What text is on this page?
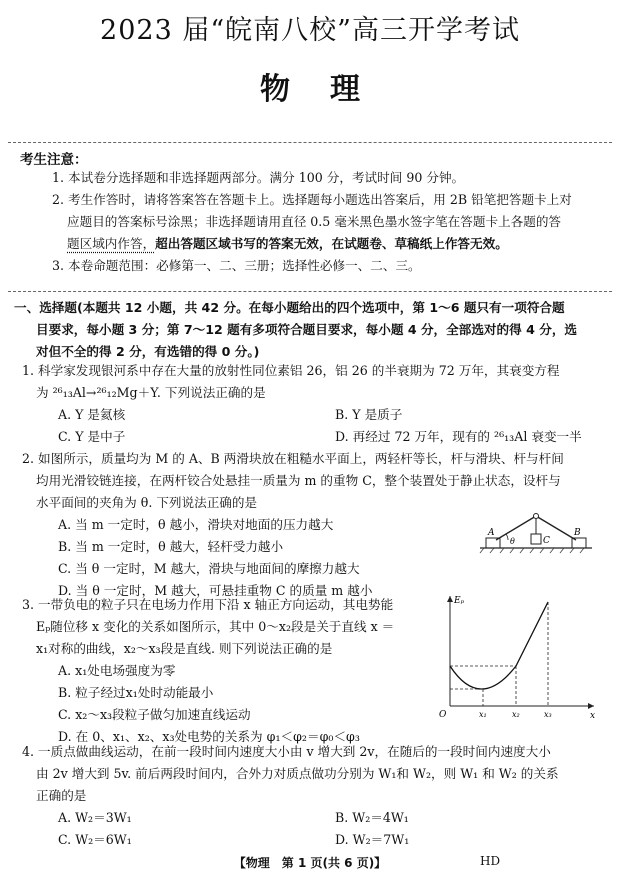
2023 届“皖南八校”高三开学考试
物理
考生注意：
1. 本试卷分选择题和非选择题两部分。满分 100 分，考试时间 90 分钟。
2. 考生作答时，请将答案答在答题卡上。选择题每小题选出答案后，用 2B 铅笔把答题卡上对
应题目的答案标号涂黑；非选择题请用直径 0.5 毫米黑色墨水签字笔在答题卡上各题的答
题区域内作答，超出答题区域书写的答案无效，在试题卷、草稿纸上作答无效。
3. 本卷命题范围：必修第一、二、三册；选择性必修一、二、三。
一、选择题(本题共 12 小题，共 42 分。在每小题给出的四个选项中，第 1～6 题只有一项符合题
目要求，每小题 3 分；第 7～12 题有多项符合题目要求，每小题 4 分，全部选对的得 4 分，选
对但不全的得 2 分，有选错的得 0 分。)
1. 科学家发现银河系中存在大量的放射性同位素铝 26，铝 26 的半衰期为 72 万年，其衰变方程
为 ²⁶₁₃Al→²⁶₁₂Mg＋Y. 下列说法正确的是
A. Y 是氦核	B. Y 是质子
C. Y 是中子	D. 再经过 72 万年，现有的 ²⁶₁₃Al 衰变一半
2. 如图所示，质量均为 M 的 A、B 两滑块放在粗糙水平面上，两轻杆等长，杆与滑块、杆与杆间
均用光滑铰链连接，在两杆铰合处悬挂一质量为 m 的重物 C，整个装置处于静止状态，设杆与
水平面间的夹角为 θ. 下列说法正确的是
A. 当 m 一定时，θ 越小，滑块对地面的压力越大
B. 当 m 一定时，θ 越大，轻杆受力越小
C. 当 θ 一定时，M 越大，滑块与地面间的摩擦力越大
D. 当 θ 一定时，M 越大，可悬挂重物 C 的质量 m 越小
A	B
C
θ
3. 一带负电的粒子只在电场力作用下沿 x 轴正方向运动，其电势能
Eₚ随位移 x 变化的关系如图所示，其中 0～x₂段是关于直线 x ＝
x₁对称的曲线，x₂～x₃段是直线. 则下列说法正确的是
A. x₁处电场强度为零
B. 粒子经过x₁处时动能最小
C. x₂～x₃段粒子做匀加速直线运动
D. 在 0、x₁、x₂、x₃处电势的关系为 φ₁＜φ₂＝φ₀＜φ₃
Eₚ
x
O	x₁	x₂	x₃
4. 一质点做曲线运动，在前一段时间内速度大小由 v 增大到 2v，在随后的一段时间内速度大小
由 2v 增大到 5v. 前后两段时间内，合外力对质点做功分别为 W₁和 W₂，则 W₁ 和 W₂ 的关系
正确的是
A. W₂＝3W₁	B. W₂＝4W₁
C. W₂＝6W₁	D. W₂＝7W₁
【物理　第 1 页(共 6 页)】	HD
